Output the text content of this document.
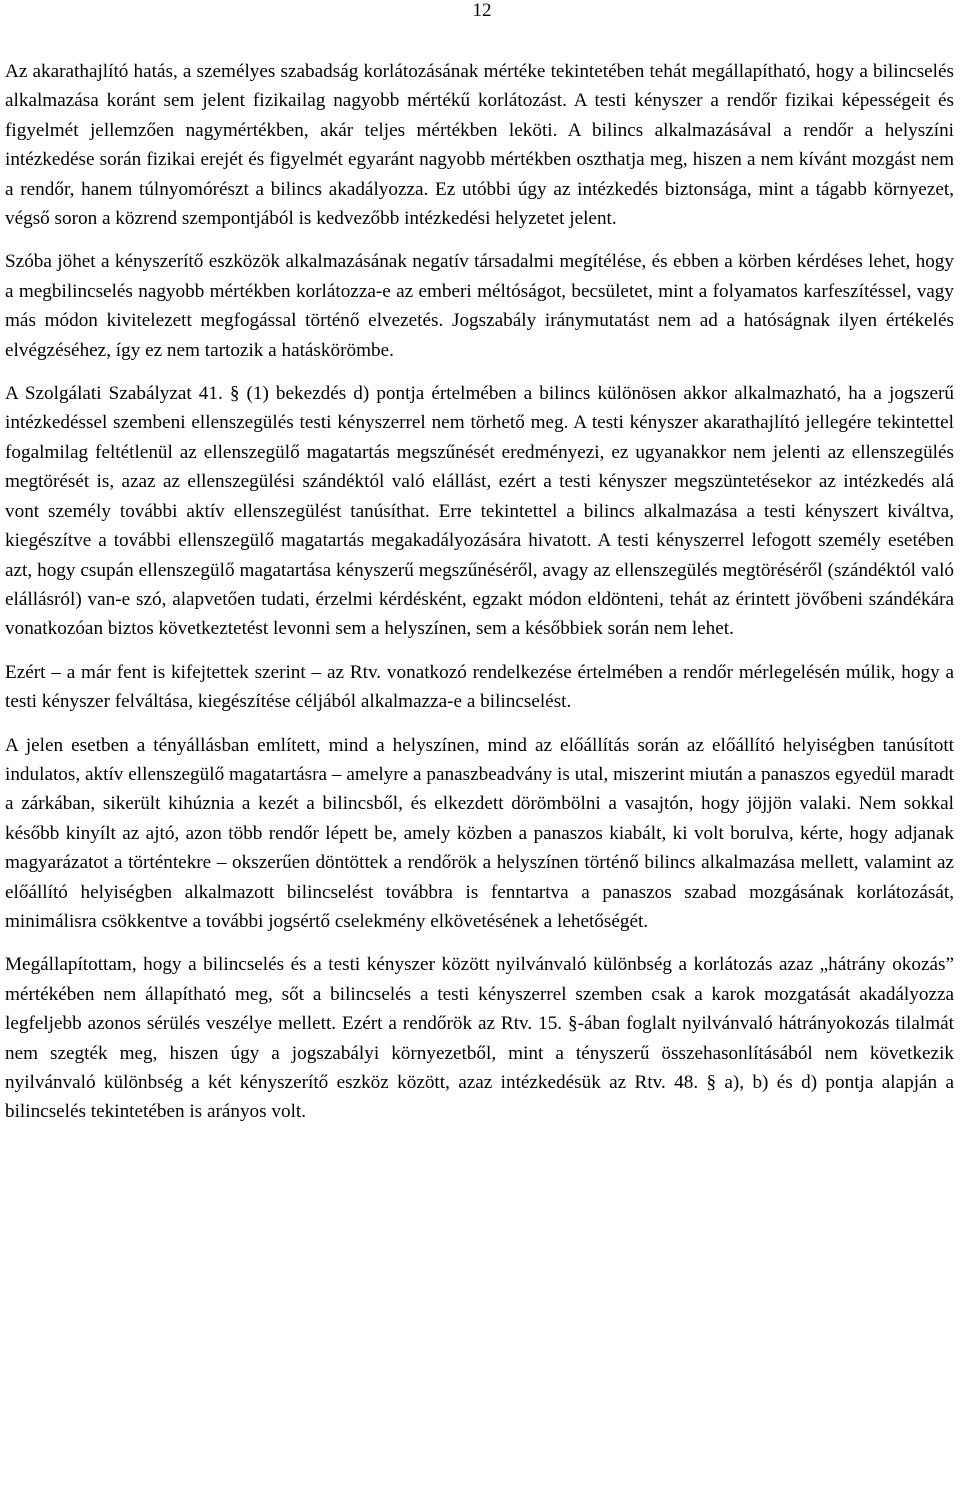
12

Az akarathajlító hatás, a személyes szabadság korlátozásának mértéke tekintetében tehát megállapítható, hogy a bilincselés alkalmazása koránt sem jelent fizikailag nagyobb mértékű korlátozást. A testi kényszer a rendőr fizikai képességeit és figyelmét jellemzően nagymértékben, akár teljes mértékben leköti. A bilincs alkalmazásával a rendőr a helyszíni intézkedése során fizikai erejét és figyelmét egyaránt nagyobb mértékben oszthatja meg, hiszen a nem kívánt mozgást nem a rendőr, hanem túlnyomórészt a bilincs akadályozza. Ez utóbbi úgy az intézkedés biztonsága, mint a tágabb környezet, végső soron a közrend szempontjából is kedvezőbb intézkedési helyzetet jelent.

Szóba jöhet a kényszerítő eszközök alkalmazásának negatív társadalmi megítélése, és ebben a körben kérdéses lehet, hogy a megbilincselés nagyobb mértékben korlátozza-e az emberi méltóságot, becsületet, mint a folyamatos karfeszítéssel, vagy más módon kivitelezett megfogással történő elvezetés. Jogszabály iránymutatást nem ad a hatóságnak ilyen értékelés elvégzéséhez, így ez nem tartozik a hatáskörömbe.

A Szolgálati Szabályzat 41. § (1) bekezdés d) pontja értelmében a bilincs különösen akkor alkalmazható, ha a jogszerű intézkedéssel szembeni ellenszegülés testi kényszerrel nem törhető meg. A testi kényszer akarathajlító jellegére tekintettel fogalmilag feltétlenül az ellenszegülő magatartás megszűnését eredményezi, ez ugyanakkor nem jelenti az ellenszegülés megtörését is, azaz az ellenszegülési szándéktól való elállást, ezért a testi kényszer megszüntetésekor az intézkedés alá vont személy további aktív ellenszegülést tanúsíthat. Erre tekintettel a bilincs alkalmazása a testi kényszert kiváltva, kiegészítve a további ellenszegülő magatartás megakadályozására hivatott. A testi kényszerrel lefogott személy esetében azt, hogy csupán ellenszegülő magatartása kényszerű megszűnéséről, avagy az ellenszegülés megtöréséről (szándéktól való elállásról) van-e szó, alapvetően tudati, érzelmi kérdésként, egzakt módon eldönteni, tehát az érintett jövőbeni szándékára vonatkozóan biztos következtetést levonni sem a helyszínen, sem a későbbiek során nem lehet.

Ezért – a már fent is kifejtettek szerint – az Rtv. vonatkozó rendelkezése értelmében a rendőr mérlegelésén múlik, hogy a testi kényszer felváltása, kiegészítése céljából alkalmazza-e a bilincselést.

A jelen esetben a tényállásban említett, mind a helyszínen, mind az előállítás során az előállító helyiségben tanúsított indulatos, aktív ellenszegülő magatartásra – amelyre a panaszbeadvány is utal, miszerint miután a panaszos egyedül maradt a zárkában, sikerült kihúznia a kezét a bilincsből, és elkezdett dörömbölni a vasajtón, hogy jöjjön valaki. Nem sokkal később kinyílt az ajtó, azon több rendőr lépett be, amely közben a panaszos kiabált, ki volt borulva, kérte, hogy adjanak magyarázatot a történtekre – okszerűen döntöttek a rendőrök a helyszínen történő bilincs alkalmazása mellett, valamint az előállító helyiségben alkalmazott bilincselést továbbra is fenntartva a panaszos szabad mozgásának korlátozását, minimálisra csökkentve a további jogsértő cselekmény elkövetésének a lehetőségét.

Megállapítottam, hogy a bilincselés és a testi kényszer között nyilvánvaló különbség a korlátozás azaz „hátrány okozás” mértékében nem állapítható meg, sőt a bilincselés a testi kényszerrel szemben csak a karok mozgatását akadályozza legfeljebb azonos sérülés veszélye mellett. Ezért a rendőrök az Rtv. 15. §-ában foglalt nyilvánvaló hátrányokozás tilalmát nem szegték meg, hiszen úgy a jogszabályi környezetből, mint a tényszerű összehasonlításából nem következik nyilvánvaló különbség a két kényszerítő eszköz között, azaz intézkedésük az Rtv. 48. § a), b) és d) pontja alapján a bilincselés tekintetében is arányos volt.
